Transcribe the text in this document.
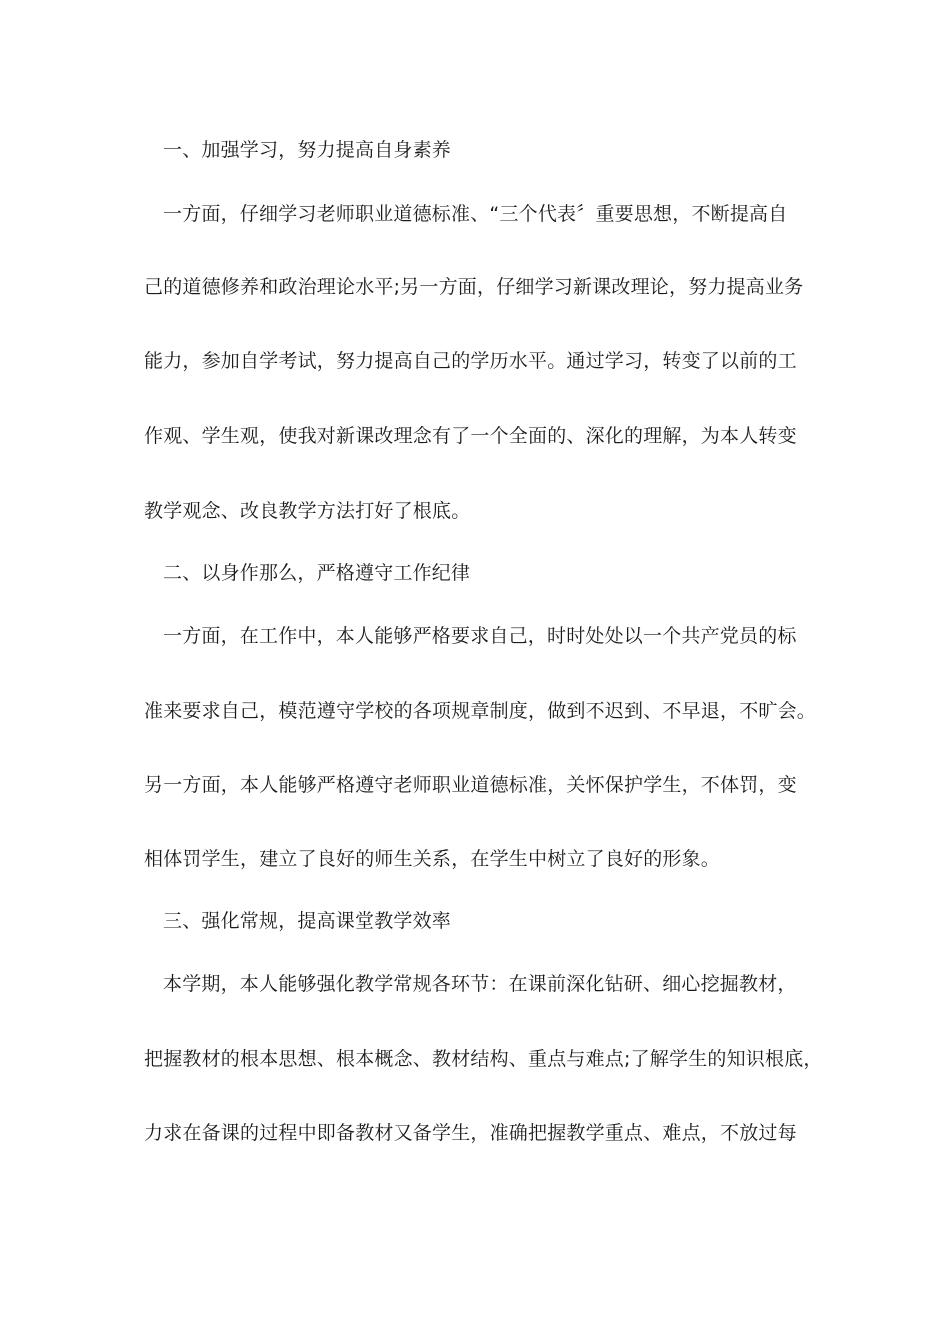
一、加强学习，努力提高自身素养
一方面，仔细学习老师职业道德标准、“三个代表〞重要思想，不断提高自
己的道德修养和政治理论水平;另一方面，仔细学习新课改理论，努力提高业务
能力，参加自学考试，努力提高自己的学历水平。通过学习，转变了以前的工
作观、学生观，使我对新课改理念有了一个全面的、深化的理解，为本人转变
教学观念、改良教学方法打好了根底。
二、以身作那么，严格遵守工作纪律
一方面，在工作中，本人能够严格要求自己，时时处处以一个共产党员的标
准来要求自己，模范遵守学校的各项规章制度，做到不迟到、不早退，不旷会。
另一方面，本人能够严格遵守老师职业道德标准，关怀保护学生，不体罚，变
相体罚学生，建立了良好的师生关系，在学生中树立了良好的形象。
三、强化常规，提高课堂教学效率
本学期，本人能够强化教学常规各环节：在课前深化钻研、细心挖掘教材，
把握教材的根本思想、根本概念、教材结构、重点与难点;了解学生的知识根底，
力求在备课的过程中即备教材又备学生，准确把握教学重点、难点，不放过每
